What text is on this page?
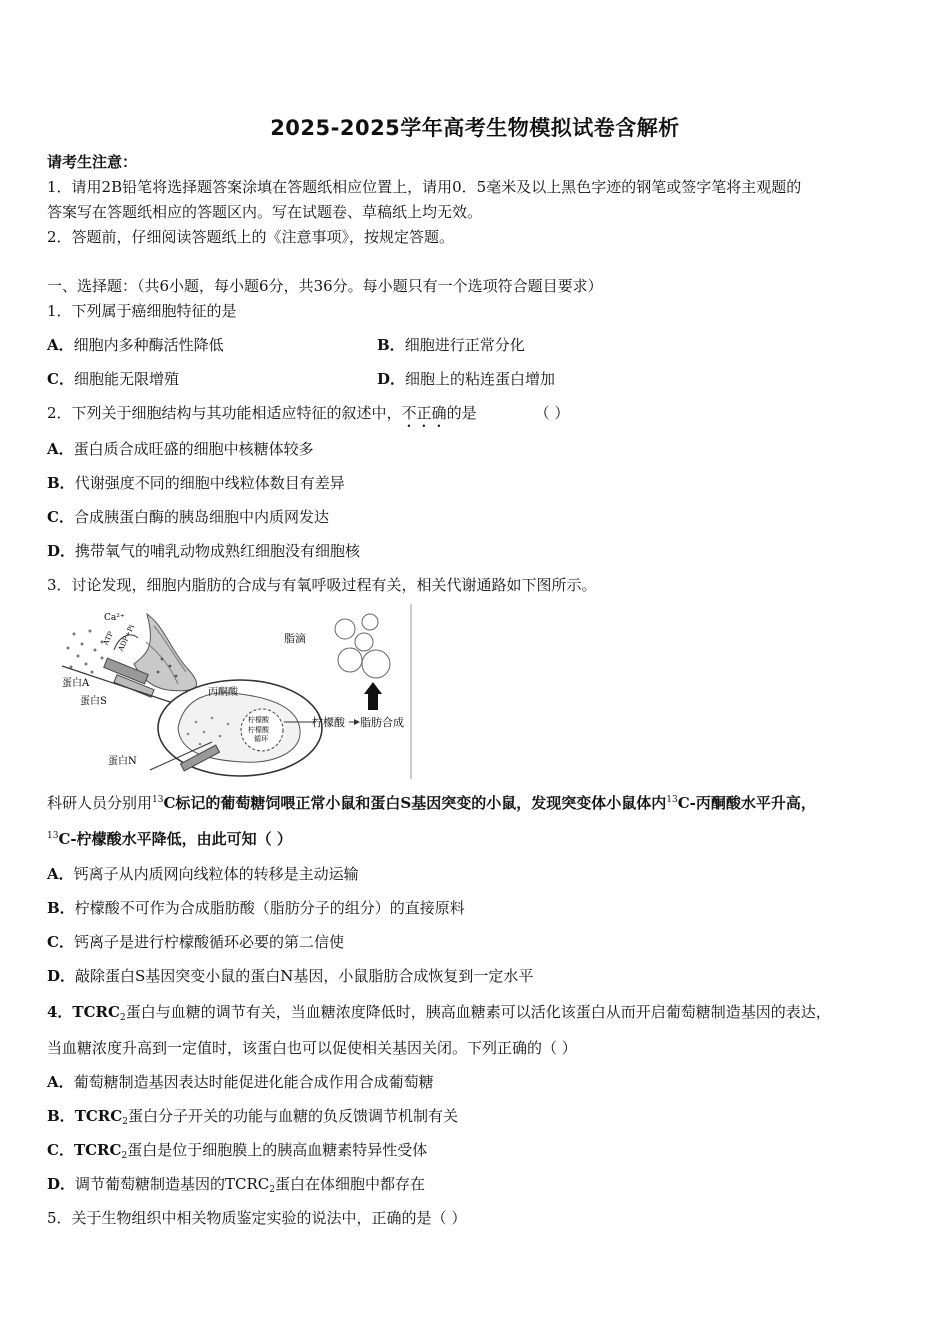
2025-2025学年高考生物模拟试卷含解析
请考生注意：
1．请用2B铅笔将选择题答案涂填在答题纸相应位置上，请用0．5毫米及以上黑色字迹的钢笔或签字笔将主观题的
答案写在答题纸相应的答题区内。写在试题卷、草稿纸上均无效。
2．答题前，仔细阅读答题纸上的《注意事项》，按规定答题。
一、选择题：（共6小题，每小题6分，共36分。每小题只有一个选项符合题目要求）
1．下列属于癌细胞特征的是
A．细胞内多种酶活性降低	B．细胞进行正常分化
C．细胞能无限增殖	D．细胞上的粘连蛋白增加
2．下列关于细胞结构与其功能相适应特征的叙述中，不正确的是	（ ）
A．蛋白质合成旺盛的细胞中核糖体较多
B．代谢强度不同的细胞中线粒体数目有差异
C．合成胰蛋白酶的胰岛细胞中内质网发达
D．携带氧气的哺乳动物成熟红细胞没有细胞核
3．讨论发现，细胞内脂肪的合成与有氧呼吸过程有关，相关代谢通路如下图所示。
Ca²⁺
ATP ADP+Pi
蛋白A
蛋白S
丙酮酸
柠檬酸
柠檬酸
循环
蛋白N
柠檬酸 脂肪合成
脂滴
科研人员分别用$^{13}$C标记的葡萄糖饲喂正常小鼠和蛋白S基因突变的小鼠，发现突变体小鼠体内$^{13}$C-丙酮酸水平升高，
$^{13}$C-柠檬酸水平降低，由此可知（ ）
A．钙离子从内质网向线粒体的转移是主动运输
B．柠檬酸不可作为合成脂肪酸（脂肪分子的组分）的直接原料
C．钙离子是进行柠檬酸循环必要的第二信使
D．敲除蛋白S基因突变小鼠的蛋白N基因，小鼠脂肪合成恢复到一定水平
4．$TCRC_2$蛋白与血糖的调节有关，当血糖浓度降低时，胰高血糖素可以活化该蛋白从而开启葡萄糖制造基因的表达，
当血糖浓度升高到一定值时，该蛋白也可以促使相关基因关闭。下列正确的（ ）
A．葡萄糖制造基因表达时能促进化能合成作用合成葡萄糖
B．$TCRC_2$蛋白分子开关的功能与血糖的负反馈调节机制有关
C．$TCRC_2$蛋白是位于细胞膜上的胰高血糖素特异性受体
D．调节葡萄糖制造基因的$TCRC_2$蛋白在体细胞中都存在
5．关于生物组织中相关物质鉴定实验的说法中，正确的是（ ）
